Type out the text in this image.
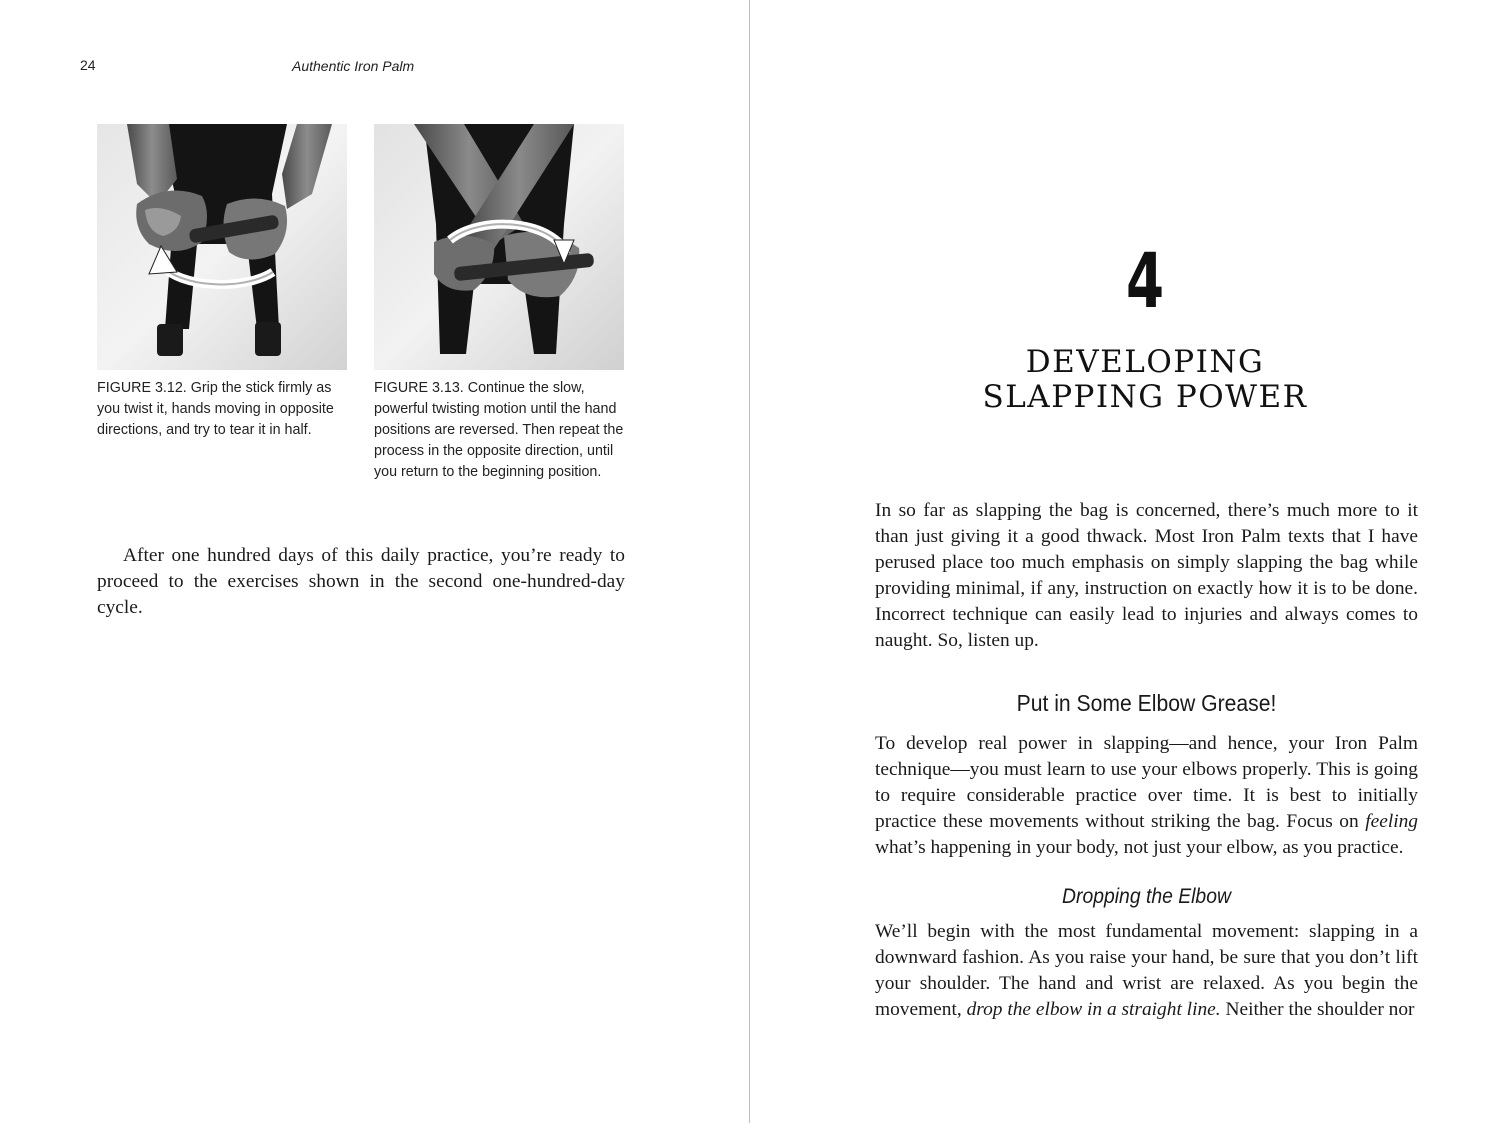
24	Authentic Iron Palm
FIGURE 3.12. Grip the stick firmly as you twist it, hands moving in opposite directions, and try to tear it in half.
FIGURE 3.13. Continue the slow, powerful twisting motion until the hand positions are reversed. Then repeat the process in the opposite direction, until you return to the beginning position.

After one hundred days of this daily practice, you’re ready to proceed to the exercises shown in the second one-hundred-day cycle.

4
DEVELOPING
SLAPPING POWER

In so far as slapping the bag is concerned, there’s much more to it than just giving it a good thwack. Most Iron Palm texts that I have perused place too much emphasis on simply slapping the bag while providing minimal, if any, instruction on exactly how it is to be done. Incorrect technique can easily lead to injuries and always comes to naught. So, listen up.

Put in Some Elbow Grease!

To develop real power in slapping—and hence, your Iron Palm technique—you must learn to use your elbows properly. This is going to require considerable practice over time. It is best to initially practice these movements without striking the bag. Focus on feeling what’s happening in your body, not just your elbow, as you practice.

Dropping the Elbow

We’ll begin with the most fundamental movement: slapping in a downward fashion. As you raise your hand, be sure that you don’t lift your shoulder. The hand and wrist are relaxed. As you begin the movement, drop the elbow in a straight line. Neither the shoulder nor
